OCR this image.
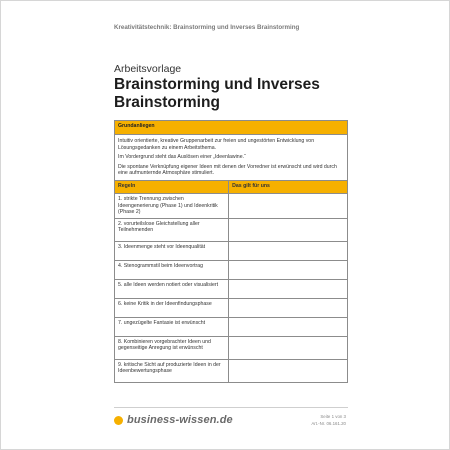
Kreativitätstechnik: Brainstorming und Inverses Brainstorming
Arbeitsvorlage
Brainstorming und Inverses Brainstorming
Grundanliegen	

Intuitiv orientierte, kreative Gruppenarbeit zur freien und ungestörten Entwicklung von Lösungsgedanken zu einem Arbeitsthema.

Im Vordergrund steht das Auslösen einer „Ideenlawine.“

Die spontane Verknüpfung eigener Ideen mit denen der Vorredner ist erwünscht und wird durch eine aufmunternde Atmosphäre stimuliert.	

Regeln	Das gilt für uns
1. strikte Trennung zwischen Ideengenerierung (Phase 1) und Ideenkritik (Phase 2)	
2. vorurteilslose Gleichstellung aller Teilnehmenden	
3. Ideenmenge steht vor Ideenqualität	
4. Stenogrammstil beim Ideenvortrag	
5. alle Ideen werden notiert oder visualisiert	
6. keine Kritik in der Ideenfindungsphase	
7. ungezügelte Fantasie ist erwünscht	
8. Kombinieren vorgebrachter Ideen und gegenseitige Anregung ist erwünscht	
9. kritische Sicht auf produzierte Ideen in der Ideenbewertungsphase	
business-wissen.de	Seite 1 von 3
Art.-Nr. 06.161.20
